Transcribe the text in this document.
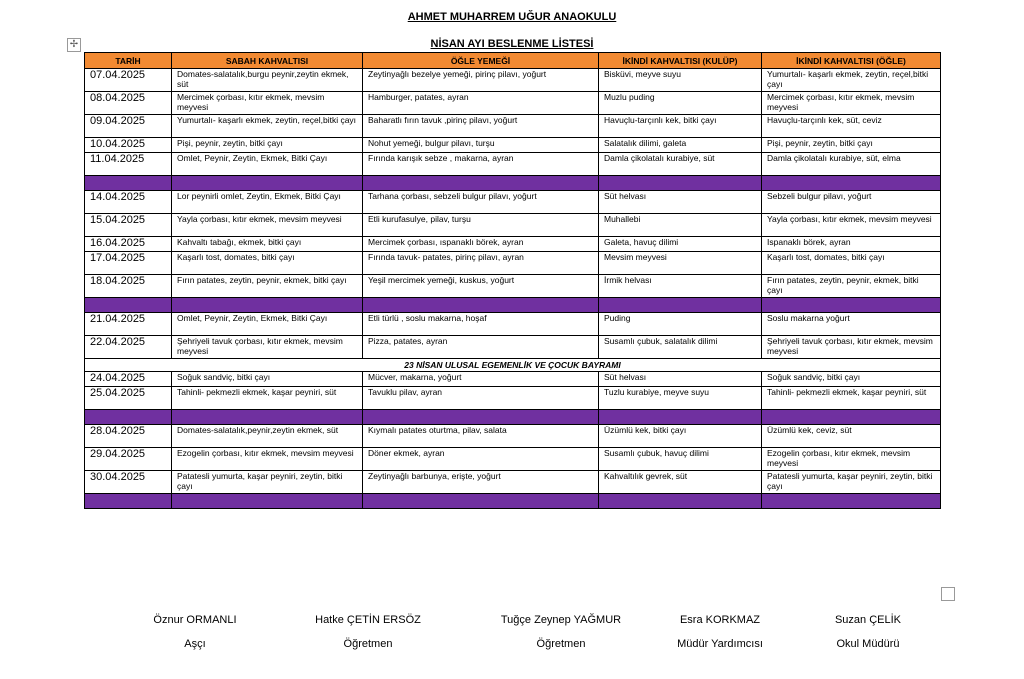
AHMET MUHARREM UĞUR ANAOKULU
✢	NİSAN AYI BESLENME LİSTESİ
TARİH	SABAH KAHVALTISI	ÖĞLE YEMEĞİ	İKİNDİ KAHVALTISI (KULÜP)	İKİNDİ KAHVALTISI (ÖĞLE)
07.04.2025	Domates-salatalık,burgu peynir,zeytin ekmek, süt	Zeytinyağlı bezelye yemeği, pirinç pilavı, yoğurt	Bisküvi, meyve suyu	Yumurtalı- kaşarlı ekmek, zeytin, reçel,bitki çayı
08.04.2025	Mercimek çorbası, kıtır ekmek, mevsim meyvesi	Hamburger, patates, ayran	Muzlu puding	Mercimek çorbası, kıtır ekmek, mevsim meyvesi
09.04.2025	Yumurtalı- kaşarlı ekmek, zeytin, reçel,bitki çayı	Baharatlı fırın tavuk ,pirinç pilavı, yoğurt	Havuçlu-tarçınlı kek, bitki çayı	Havuçlu-tarçınlı kek, süt, ceviz
10.04.2025	Pişi, peynir, zeytin, bitki çayı	Nohut yemeği, bulgur pilavı, turşu	Salatalık dilimi, galeta	Pişi, peynir, zeytin, bitki çayı
11.04.2025	Omlet, Peynir, Zeytin, Ekmek, Bitki Çayı	Fırında karışık sebze , makarna, ayran	Damla çikolatalı kurabiye, süt	Damla çikolatalı kurabiye, süt, elma

14.04.2025	Lor peynirli omlet, Zeytin, Ekmek, Bitki Çayı	Tarhana çorbası, sebzeli bulgur pilavı, yoğurt	Süt helvası	Sebzeli bulgur pilavı, yoğurt
15.04.2025	Yayla çorbası, kıtır ekmek, mevsim meyvesi	Etli kurufasulye, pilav, turşu	Muhallebi	Yayla çorbası, kıtır ekmek, mevsim meyvesi
16.04.2025	Kahvaltı tabağı, ekmek, bitki çayı	Mercimek çorbası, ıspanaklı börek, ayran	Galeta, havuç dilimi	Ispanaklı börek, ayran
17.04.2025	Kaşarlı tost, domates, bitki çayı	Fırında tavuk- patates, pirinç pilavı, ayran	Mevsim meyvesi	Kaşarlı tost, domates, bitki çayı
18.04.2025	Fırın patates, zeytin, peynir, ekmek, bitki çayı	Yeşil mercimek yemeği, kuskus, yoğurt	İrmik helvası	Fırın patates, zeytin, peynir, ekmek, bitki çayı

21.04.2025	Omlet, Peynir, Zeytin, Ekmek, Bitki Çayı	Etli türlü , soslu makarna, hoşaf	Puding	Soslu makarna yoğurt
22.04.2025	Şehriyeli tavuk çorbası, kıtır ekmek, mevsim meyvesi	Pizza, patates, ayran	Susamlı çubuk, salatalık dilimi	Şehriyeli tavuk çorbası, kıtır ekmek, mevsim meyvesi
23 NİSAN ULUSAL EGEMENLİK VE ÇOCUK BAYRAMI				
24.04.2025	Soğuk sandviç, bitki çayı	Mücver, makarna, yoğurt	Süt helvası	Soğuk sandviç, bitki çayı
25.04.2025	Tahinli- pekmezli ekmek, kaşar peyniri, süt	Tavuklu pilav, ayran	Tuzlu kurabiye, meyve suyu	Tahinli- pekmezli ekmek, kaşar peyniri, süt

28.04.2025	Domates-salatalık,peynir,zeytin ekmek, süt	Kıymalı patates oturtma, pilav, salata	Üzümlü kek, bitki çayı	Üzümlü kek, ceviz, süt
29.04.2025	Ezogelin çorbası, kıtır ekmek, mevsim meyvesi	Döner ekmek, ayran	Susamlı çubuk, havuç dilimi	Ezogelin çorbası, kıtır ekmek, mevsim meyvesi
30.04.2025	Patatesli yumurta, kaşar peyniri, zeytin, bitki çayı	Zeytinyağlı barbunya, erişte, yoğurt	Kahvaltılık gevrek, süt	Patatesli yumurta, kaşar peyniri, zeytin, bitki çayı

Öznur ORMANLI
Aşçı
Hatke ÇETİN ERSÖZ
Öğretmen
Tuğçe Zeynep YAĞMUR
Öğretmen
Esra KORKMAZ
Müdür Yardımcısı
Suzan ÇELİK
Okul Müdürü
